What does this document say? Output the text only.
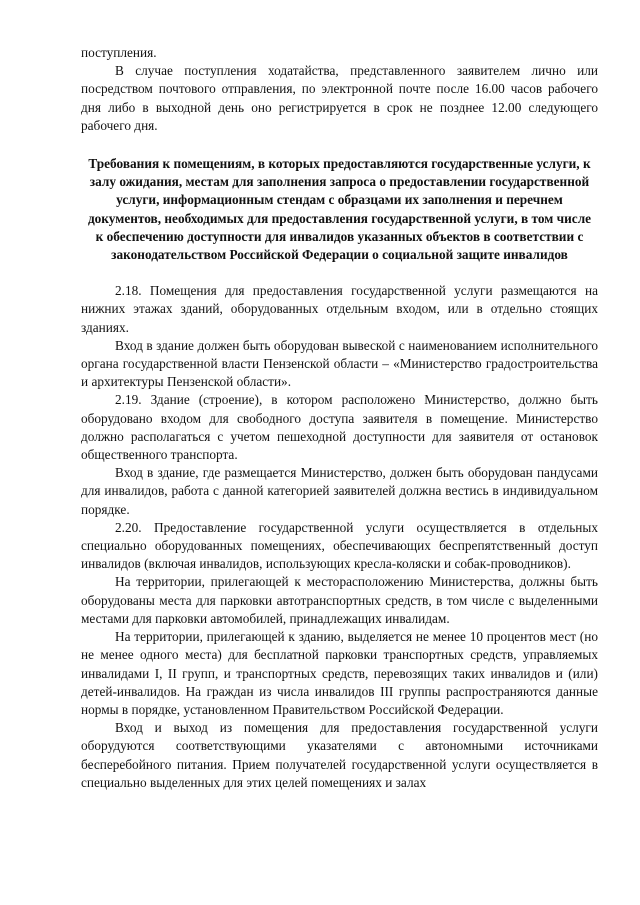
поступления.

В случае поступления ходатайства, представленного заявителем лично или посредством почтового отправления, по электронной почте после 16.00 часов рабочего дня либо в выходной день оно регистрируется в срок не позднее 12.00 следующего рабочего дня.

Требования к помещениям, в которых предоставляются государственные услуги, к залу ожидания, местам для заполнения запроса о предоставлении государственной услуги, информационным стендам с образцами их заполнения и перечнем документов, необходимых для предоставления государственной услуги, в том числе к обеспечению доступности для инвалидов указанных объектов в соответствии с законодательством Российской Федерации о социальной защите инвалидов

2.18. Помещения для предоставления государственной услуги размещаются на нижних этажах зданий, оборудованных отдельным входом, или в отдельно стоящих зданиях.

Вход в здание должен быть оборудован вывеской с наименованием исполнительного органа государственной власти Пензенской области – «Министерство градостроительства и архитектуры Пензенской области».

2.19. Здание (строение), в котором расположено Министерство, должно быть оборудовано входом для свободного доступа заявителя в помещение. Министерство должно располагаться с учетом пешеходной доступности для заявителя от остановок общественного транспорта.

Вход в здание, где размещается Министерство, должен быть оборудован пандусами для инвалидов, работа с данной категорией заявителей должна вестись в индивидуальном порядке.

2.20. Предоставление государственной услуги осуществляется в отдельных специально оборудованных помещениях, обеспечивающих беспрепятственный доступ инвалидов (включая инвалидов, использующих кресла-коляски и собак-проводников).

На территории, прилегающей к месторасположению Министерства, должны быть оборудованы места для парковки автотранспортных средств, в том числе с выделенными местами для парковки автомобилей, принадлежащих инвалидам.

На территории, прилегающей к зданию, выделяется не менее 10 процентов мест (но не менее одного места) для бесплатной парковки транспортных средств, управляемых инвалидами I, II групп, и транспортных средств, перевозящих таких инвалидов и (или) детей-инвалидов. На граждан из числа инвалидов III группы распространяются данные нормы в порядке, установленном Правительством Российской Федерации.

Вход и выход из помещения для предоставления государственной услуги оборудуются соответствующими указателями с автономными источниками бесперебойного питания. Прием получателей государственной услуги осуществляется в специально выделенных для этих целей помещениях и залах
